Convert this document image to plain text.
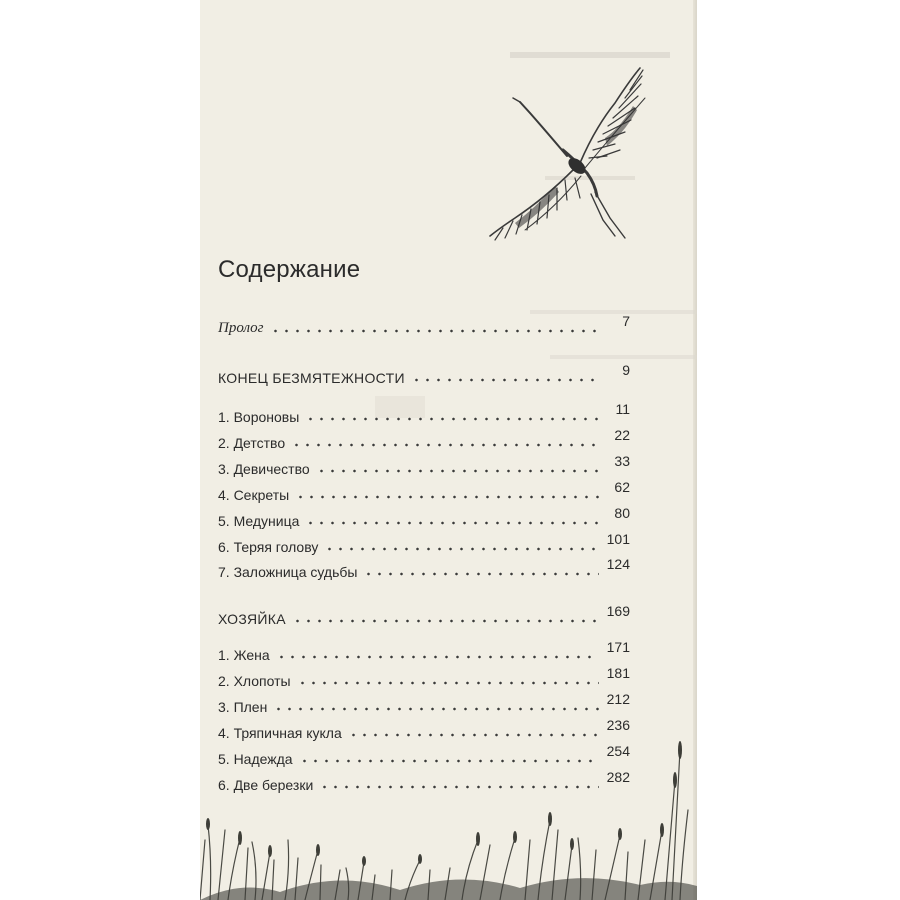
Содержание
Пролог	7
КОНЕЦ БЕЗМЯТЕЖНОСТИ	9
1. Вороновы	11
2. Детство	22
3. Девичество	33
4. Секреты	62
5. Медуница	80
6. Теряя голову	101
7. Заложница судьбы	124
ХОЗЯЙКА	169
1. Жена	171
2. Хлопоты	181
3. Плен	212
4. Тряпичная кукла	236
5. Надежда	254
6. Две березки	282
